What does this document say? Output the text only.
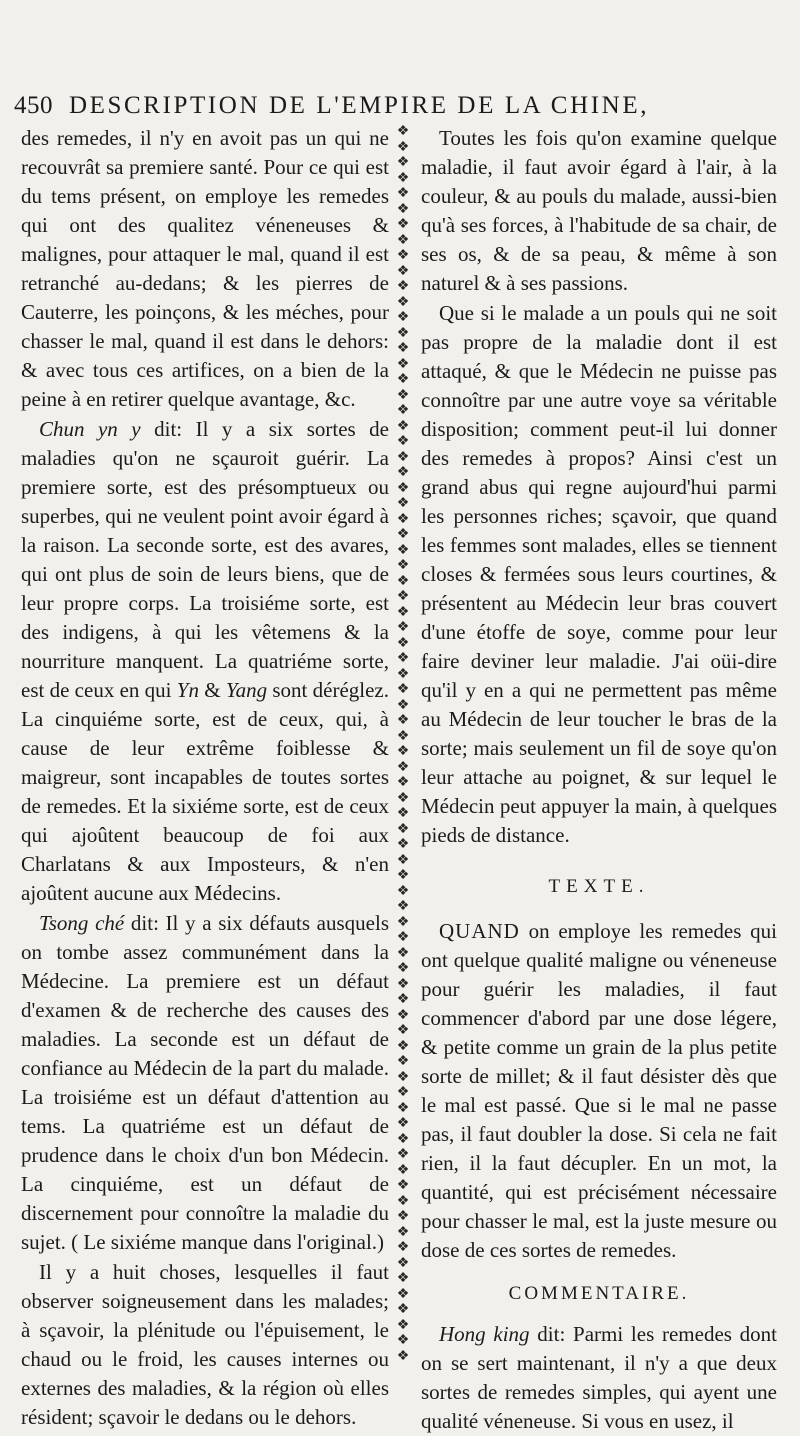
450 DESCRIPTION DE L'EMPIRE DE LA CHINE,

des remedes, il n'y en avoit pas un qui ne recouvrât sa premiere santé. Pour ce qui est du tems présent, on employe les remedes qui ont des qualitez véneneuses & malignes, pour attaquer le mal, quand il est retranché au-dedans; & les pierres de Cauterre, les poinçons, & les méches, pour chasser le mal, quand il est dans le dehors: & avec tous ces artifices, on a bien de la peine à en retirer quelque avantage, &c.

Chun yn y dit: Il y a six sortes de maladies qu'on ne sçauroit guérir. La premiere sorte, est des présomptueux ou superbes, qui ne veulent point avoir égard à la raison. La seconde sorte, est des avares, qui ont plus de soin de leurs biens, que de leur propre corps. La troisiéme sorte, est des indigens, à qui les vêtemens & la nourriture manquent. La quatriéme sorte, est de ceux en qui Yn & Yang sont déréglez. La cinquiéme sorte, est de ceux, qui, à cause de leur extrême foiblesse & maigreur, sont incapables de toutes sortes de remedes. Et la sixiéme sorte, est de ceux qui ajoûtent beaucoup de foi aux Charlatans & aux Imposteurs, & n'en ajoûtent aucune aux Médecins.

Tsong ché dit: Il y a six défauts ausquels on tombe assez communément dans la Médecine. La premiere est un défaut d'examen & de recherche des causes des maladies. La seconde est un défaut de confiance au Médecin de la part du malade. La troisiéme est un défaut d'attention au tems. La quatriéme est un défaut de prudence dans le choix d'un bon Médecin. La cinquiéme, est un défaut de discernement pour connoître la maladie du sujet. ( Le sixiéme manque dans l'original.)

Il y a huit choses, lesquelles il faut observer soigneusement dans les malades; à sçavoir, la plénitude ou l'épuisement, le chaud ou le froid, les causes internes ou externes des maladies, & la région où elles résident; sçavoir le dedans ou le dehors.

❖
❖
❖
❖
❖
❖
❖
❖
❖
❖
❖
❖
❖
❖
❖
❖
❖
❖
❖
❖
❖
❖
❖
❖
❖
❖
❖
❖
❖
❖
❖
❖
❖
❖
❖
❖
❖
❖
❖
❖
❖
❖
❖
❖
❖
❖
❖
❖
❖
❖
❖
❖
❖
❖
❖
❖
❖
❖
❖
❖
❖
❖
❖
❖
❖
❖
❖
❖
❖
❖
❖
❖
❖
❖
❖
❖
❖
❖
❖
❖

Toutes les fois qu'on examine quelque maladie, il faut avoir égard à l'air, à la couleur, & au pouls du malade, aussi-bien qu'à ses forces, à l'habitude de sa chair, de ses os, & de sa peau, & même à son naturel & à ses passions.

Que si le malade a un pouls qui ne soit pas propre de la maladie dont il est attaqué, & que le Médecin ne puisse pas connoître par une autre voye sa véritable disposition; comment peut-il lui donner des remedes à propos? Ainsi c'est un grand abus qui regne aujourd'hui parmi les personnes riches; sçavoir, que quand les femmes sont malades, elles se tiennent closes & fermées sous leurs courtines, & présentent au Médecin leur bras couvert d'une étoffe de soye, comme pour leur faire deviner leur maladie. J'ai oüi-dire qu'il y en a qui ne permettent pas même au Médecin de leur toucher le bras de la sorte; mais seulement un fil de soye qu'on leur attache au poignet, & sur lequel le Médecin peut appuyer la main, à quelques pieds de distance.

TEXTE.

QUAND on employe les remedes qui ont quelque qualité maligne ou véneneuse pour guérir les maladies, il faut commencer d'abord par une dose légere, & petite comme un grain de la plus petite sorte de millet; & il faut désister dès que le mal est passé. Que si le mal ne passe pas, il faut doubler la dose. Si cela ne fait rien, il la faut décupler. En un mot, la quantité, qui est précisément nécessaire pour chasser le mal, est la juste mesure ou dose de ces sortes de remedes.

COMMENTAIRE.

Hong king dit: Parmi les remedes dont on se sert maintenant, il n'y a que deux sortes de remedes simples, qui ayent une qualité véneneuse. Si vous en usez, il
